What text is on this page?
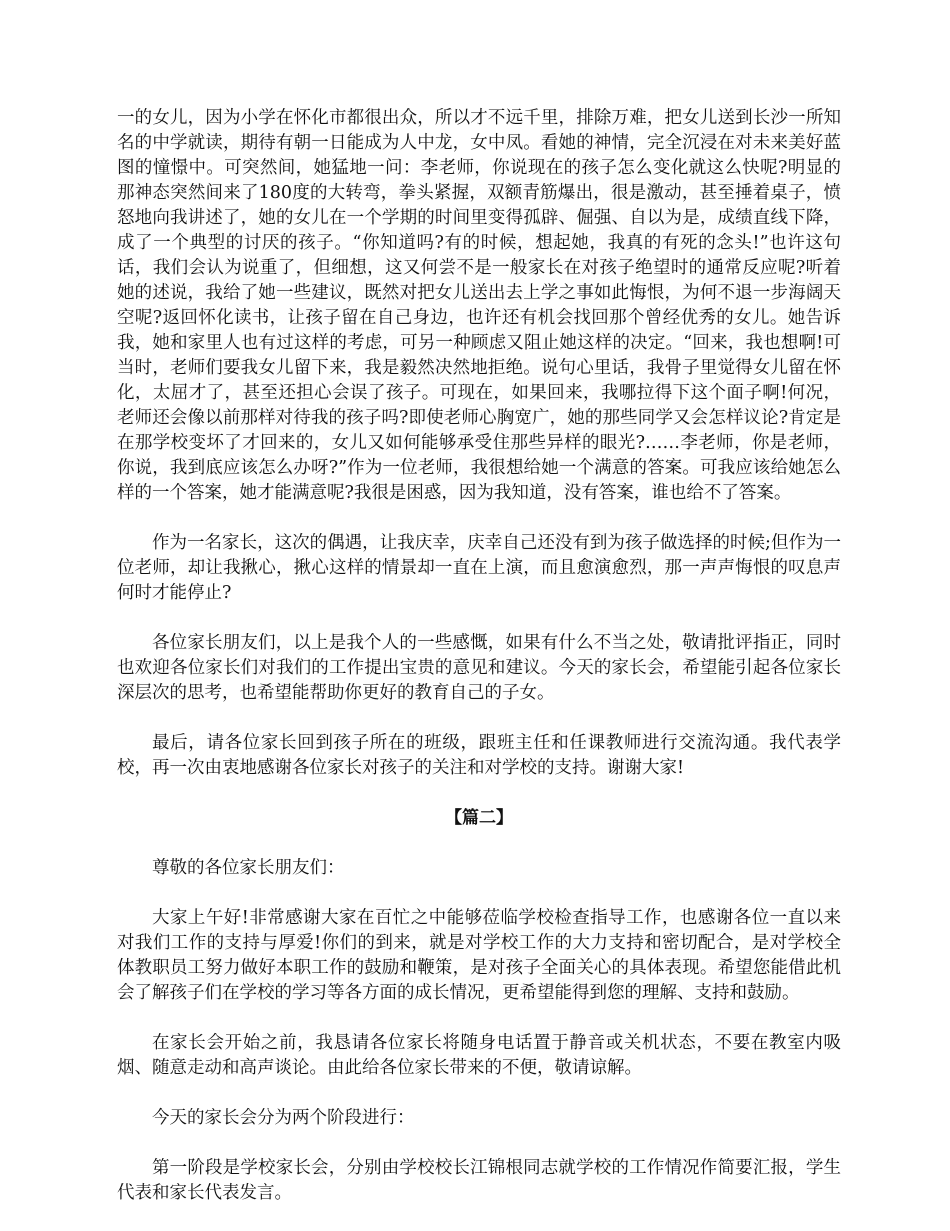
一的女儿，因为小学在怀化市都很出众，所以才不远千里，排除万难，把女儿送到长沙一所知名的中学就读，期待有朝一日能成为人中龙，女中凤。看她的神情，完全沉浸在对未来美好蓝图的憧憬中。可突然间，她猛地一问：李老师，你说现在的孩子怎么变化就这么快呢?明显的那神态突然间来了180度的大转弯，拳头紧握，双额青筋爆出，很是激动，甚至捶着桌子，愤怒地向我讲述了，她的女儿在一个学期的时间里变得孤辟、倔强、自以为是，成绩直线下降，成了一个典型的讨厌的孩子。“你知道吗?有的时候，想起她，我真的有死的念头!”也许这句话，我们会认为说重了，但细想，这又何尝不是一般家长在对孩子绝望时的通常反应呢?听着她的述说，我给了她一些建议，既然对把女儿送出去上学之事如此悔恨，为何不退一步海阔天空呢?返回怀化读书，让孩子留在自己身边，也许还有机会找回那个曾经优秀的女儿。她告诉我，她和家里人也有过这样的考虑，可另一种顾虑又阻止她这样的决定。“回来，我也想啊!可当时，老师们要我女儿留下来，我是毅然决然地拒绝。说句心里话，我骨子里觉得女儿留在怀化，太屈才了，甚至还担心会误了孩子。可现在，如果回来，我哪拉得下这个面子啊!何况，老师还会像以前那样对待我的孩子吗?即使老师心胸宽广，她的那些同学又会怎样议论?肯定是在那学校变坏了才回来的，女儿又如何能够承受住那些异样的眼光?……李老师，你是老师，你说，我到底应该怎么办呀?”作为一位老师，我很想给她一个满意的答案。可我应该给她怎么样的一个答案，她才能满意呢?我很是困惑，因为我知道，没有答案，谁也给不了答案。

作为一名家长，这次的偶遇，让我庆幸，庆幸自己还没有到为孩子做选择的时候;但作为一位老师，却让我揪心，揪心这样的情景却一直在上演，而且愈演愈烈，那一声声悔恨的叹息声何时才能停止?

各位家长朋友们，以上是我个人的一些感慨，如果有什么不当之处，敬请批评指正，同时也欢迎各位家长们对我们的工作提出宝贵的意见和建议。今天的家长会，希望能引起各位家长深层次的思考，也希望能帮助你更好的教育自己的子女。

最后，请各位家长回到孩子所在的班级，跟班主任和任课教师进行交流沟通。我代表学校，再一次由衷地感谢各位家长对孩子的关注和对学校的支持。谢谢大家!

【篇二】

尊敬的各位家长朋友们：

大家上午好!非常感谢大家在百忙之中能够莅临学校检查指导工作，也感谢各位一直以来对我们工作的支持与厚爱!你们的到来，就是对学校工作的大力支持和密切配合，是对学校全体教职员工努力做好本职工作的鼓励和鞭策，是对孩子全面关心的具体表现。希望您能借此机会了解孩子们在学校的学习等各方面的成长情况，更希望能得到您的理解、支持和鼓励。

在家长会开始之前，我恳请各位家长将随身电话置于静音或关机状态，不要在教室内吸烟、随意走动和高声谈论。由此给各位家长带来的不便，敬请谅解。

今天的家长会分为两个阶段进行：

第一阶段是学校家长会，分别由学校校长江锦根同志就学校的工作情况作简要汇报，学生代表和家长代表发言。
